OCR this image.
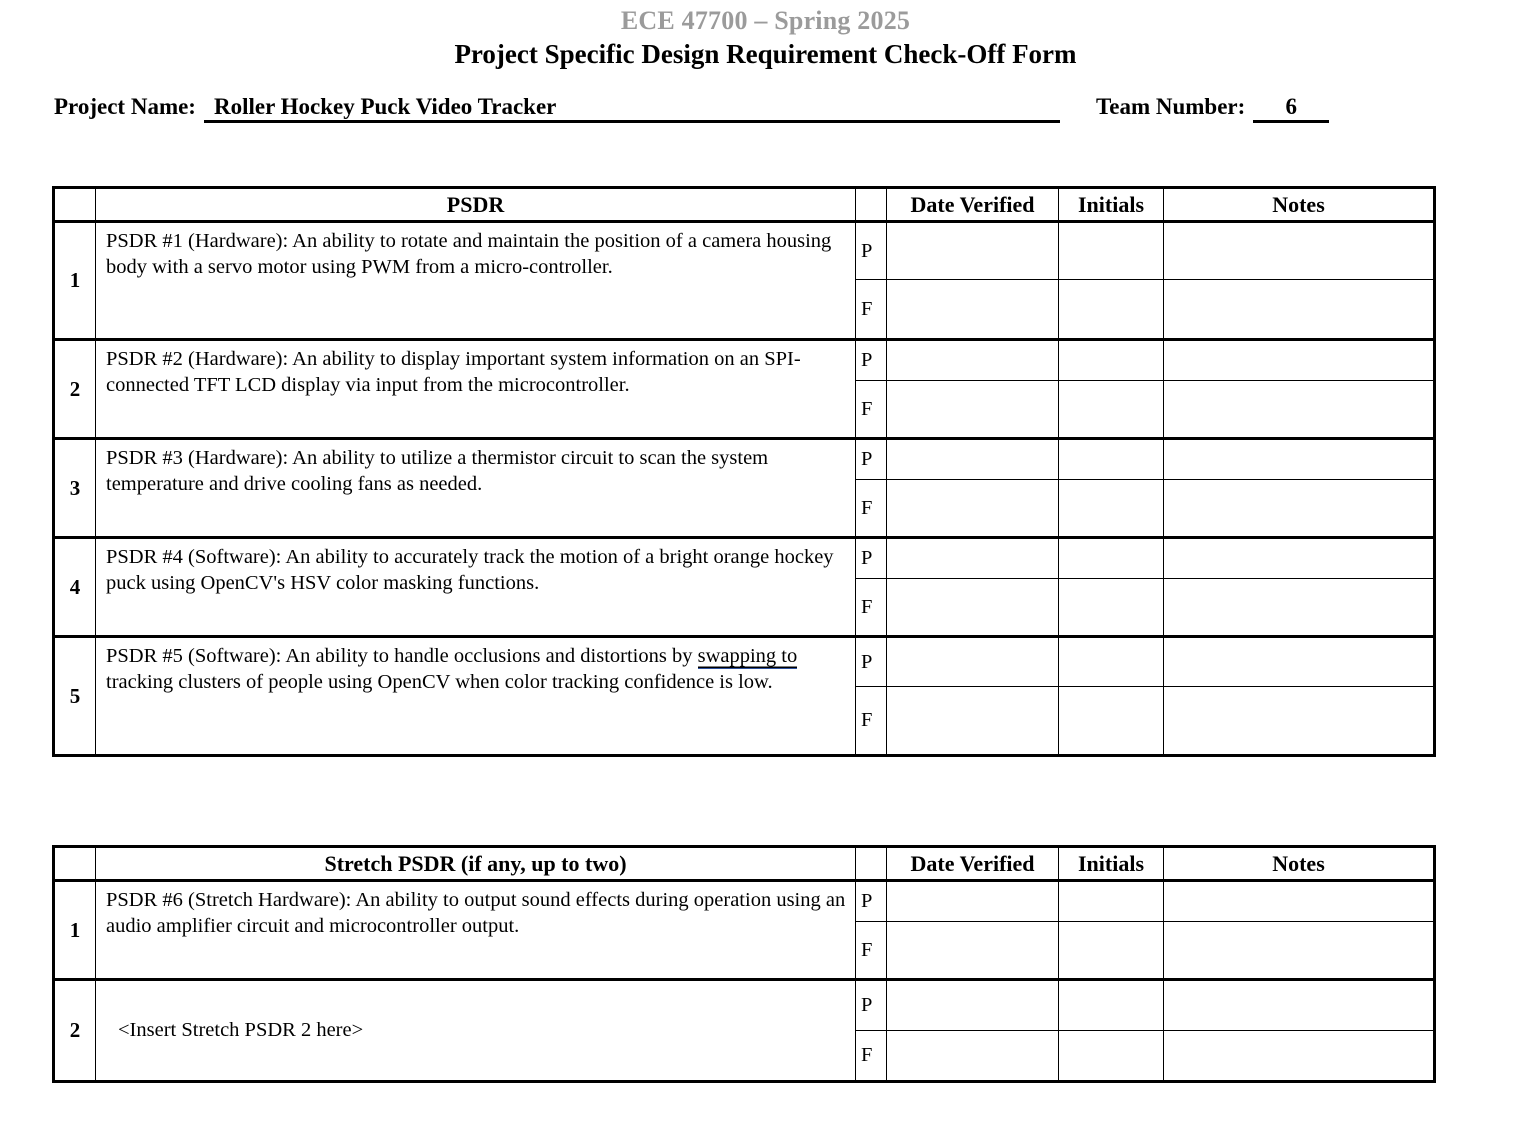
ECE 47700 – Spring 2025
Project Specific Design Requirement Check-Off Form
Project Name: Roller Hockey Puck Video Tracker	Team Number:	6
	PSDR		Date Verified	Initials	Notes
1	PSDR #1 (Hardware): An ability to rotate and maintain the position of a camera housing body with a servo motor using PWM from a micro-controller.	P			
		F			
2	PSDR #2 (Hardware): An ability to display important system information on an SPI-connected TFT LCD display via input from the microcontroller.	P			
		F			
3	PSDR #3 (Hardware): An ability to utilize a thermistor circuit to scan the system temperature and drive cooling fans as needed.	P			
		F			
4	PSDR #4 (Software): An ability to accurately track the motion of a bright orange hockey puck using OpenCV's HSV color masking functions.	P			
		F			
5	PSDR #5 (Software): An ability to handle occlusions and distortions by swapping to tracking clusters of people using OpenCV when color tracking confidence is low.	P			
		F			
	Stretch PSDR (if any, up to two)		Date Verified	Initials	Notes
1	PSDR #6 (Stretch Hardware): An ability to output sound effects during operation using an audio amplifier circuit and microcontroller output.	P			
		F			
2	<Insert Stretch PSDR 2 here>	P			
		F			
